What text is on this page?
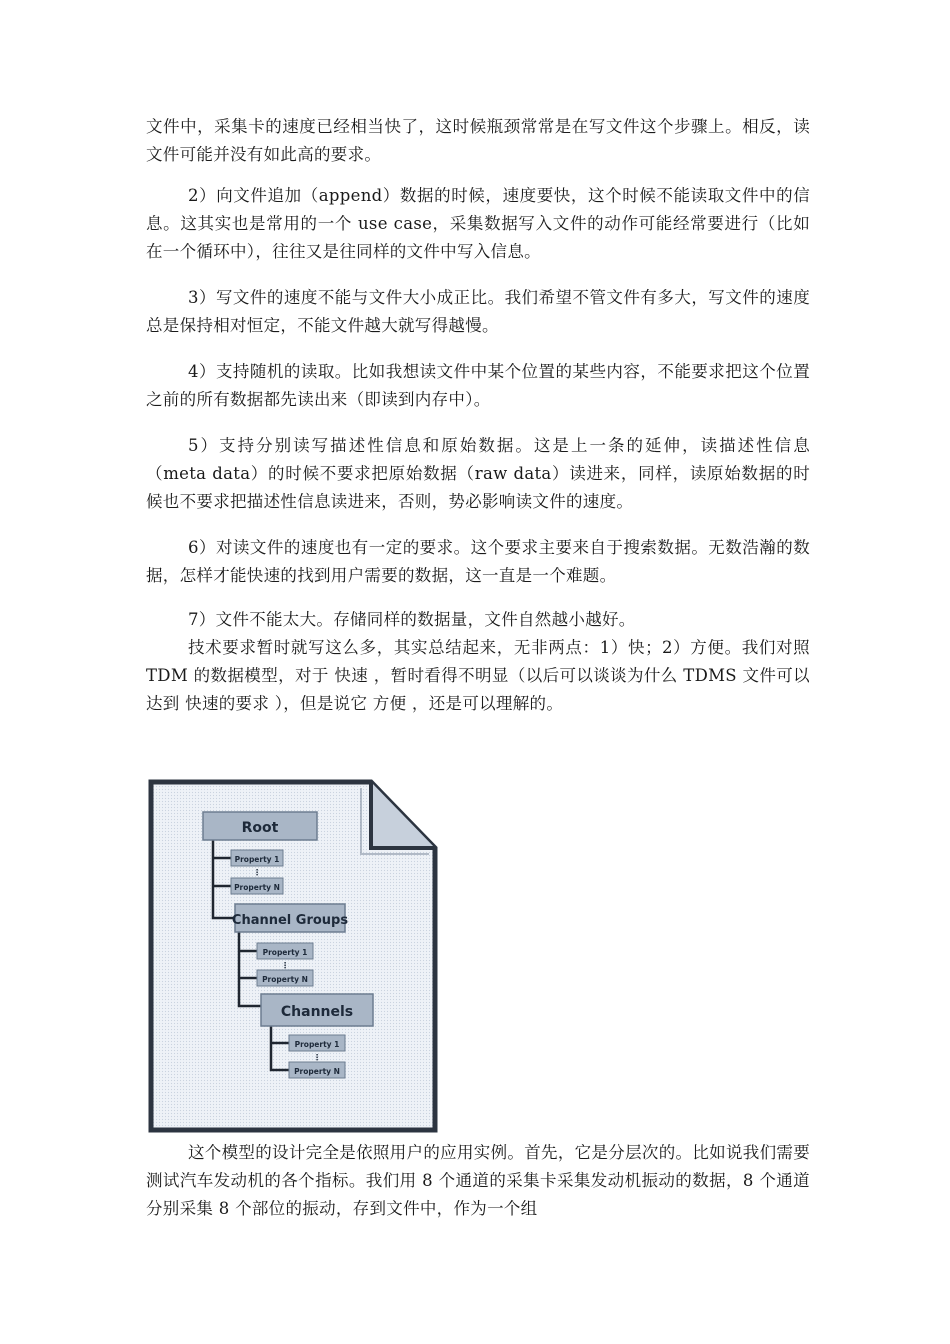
文件中，采集卡的速度已经相当快了，这时候瓶颈常常是在写文件这个步骤上。相反，读文件可能并没有如此高的要求。

2）向文件追加（append）数据的时候，速度要快，这个时候不能读取文件中的信息。这其实也是常用的一个 use case，采集数据写入文件的动作可能经常要进行（比如在一个循环中），往往又是往同样的文件中写入信息。

3）写文件的速度不能与文件大小成正比。我们希望不管文件有多大，写文件的速度总是保持相对恒定，不能文件越大就写得越慢。

4）支持随机的读取。比如我想读文件中某个位置的某些内容，不能要求把这个位置之前的所有数据都先读出来（即读到内存中）。

5）支持分别读写描述性信息和原始数据。这是上一条的延伸，读描述性信息（meta data）的时候不要求把原始数据（raw data）读进来，同样，读原始数据的时候也不要求把描述性信息读进来，否则，势必影响读文件的速度。

6）对读文件的速度也有一定的要求。这个要求主要来自于搜索数据。无数浩瀚的数据，怎样才能快速的找到用户需要的数据，这一直是一个难题。

7）文件不能太大。存储同样的数据量，文件自然越小越好。

技术要求暂时就写这么多，其实总结起来，无非两点：1）快；2）方便。我们对照 TDM 的数据模型，对于 快速 ，暂时看得不明显（以后可以谈谈为什么 TDMS 文件可以达到 快速的要求 ），但是说它 方便 ，还是可以理解的。

Root
Property 1
⋮
Property N
Channel Groups
Property 1
⋮
Property N
Channels
Property 1
⋮
Property N

这个模型的设计完全是依照用户的应用实例。首先，它是分层次的。比如说我们需要测试汽车发动机的各个指标。我们用 8 个通道的采集卡采集发动机振动的数据，8 个通道分别采集 8 个部位的振动，存到文件中，作为一个组
